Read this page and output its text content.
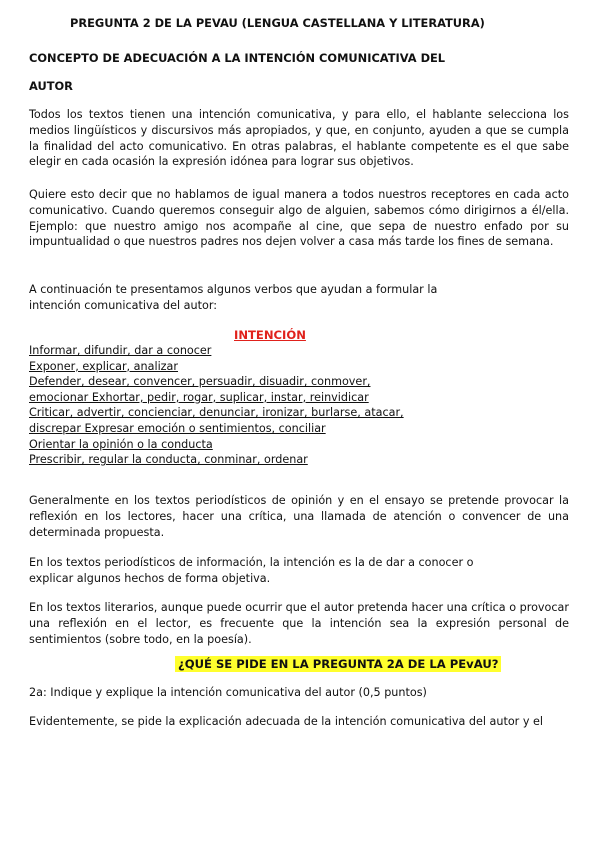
PREGUNTA 2 DE LA PEVAU (LENGUA CASTELLANA Y LITERATURA)
CONCEPTO DE ADECUACIÓN A LA INTENCIÓN COMUNICATIVA DEL
AUTOR

Todos los textos tienen una intención comunicativa, y para ello, el hablante selecciona los medios lingüísticos y discursivos más apropiados, y que, en conjunto, ayuden a que se cumpla la finalidad del acto comunicativo. En otras palabras, el hablante competente es el que sabe elegir en cada ocasión la expresión idónea para lograr sus objetivos.

Quiere esto decir que no hablamos de igual manera a todos nuestros receptores en cada acto comunicativo. Cuando queremos conseguir algo de alguien, sabemos cómo dirigirnos a él/ella. Ejemplo: que nuestro amigo nos acompañe al cine, que sepa de nuestro enfado por su impuntualidad o que nuestros padres nos dejen volver a casa más tarde los fines de semana.

A continuación te presentamos algunos verbos que ayudan a formular la intención comunicativa del autor:

INTENCIÓN
Informar, difundir, dar a conocer
Exponer, explicar, analizar
Defender, desear, convencer, persuadir, disuadir, conmover,
emocionar Exhortar, pedir, rogar, suplicar, instar, reinvidicar
Criticar, advertir, concienciar, denunciar, ironizar, burlarse, atacar,
discrepar Expresar emoción o sentimientos, conciliar
Orientar la opinión o la conducta
Prescribir, regular la conducta, conminar, ordenar

Generalmente en los textos periodísticos de opinión y en el ensayo se pretende provocar la reflexión en los lectores, hacer una crítica, una llamada de atención o convencer de una determinada propuesta.

En los textos periodísticos de información, la intención es la de dar a conocer o explicar algunos hechos de forma objetiva.

En los textos literarios, aunque puede ocurrir que el autor pretenda hacer una crítica o provocar una reflexión en el lector, es frecuente que la intención sea la expresión personal de sentimientos (sobre todo, en la poesía).

¿QUÉ SE PIDE EN LA PREGUNTA 2A DE LA PEvAU?

2a: Indique y explique la intención comunicativa del autor (0,5 puntos)

Evidentemente, se pide la explicación adecuada de la intención comunicativa del autor y el
